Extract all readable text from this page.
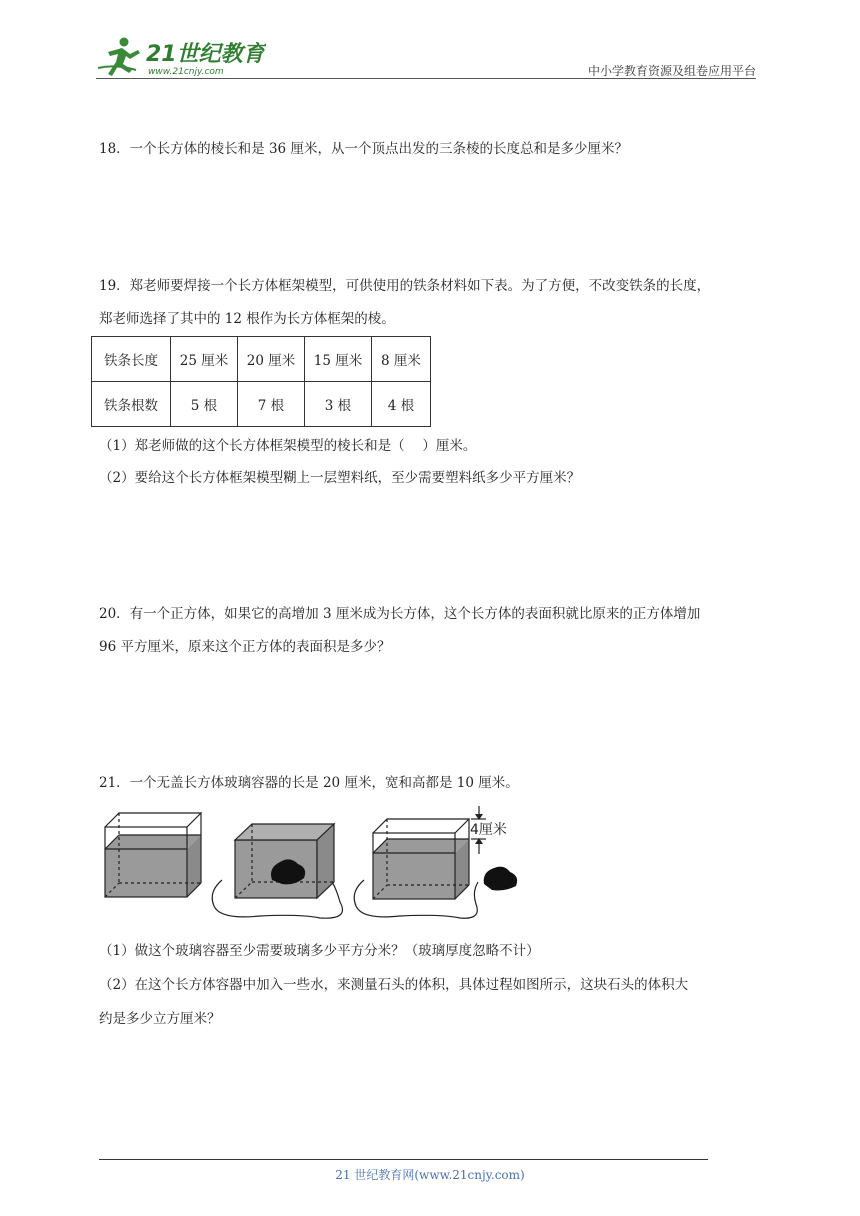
21世纪教育
www.21cnjy.com	中小学教育资源及组卷应用平台
18．一个长方体的棱长和是 36 厘米，从一个顶点出发的三条棱的长度总和是多少厘米？
19．郑老师要焊接一个长方体框架模型，可供使用的铁条材料如下表。为了方便，不改变铁条的长度，
郑老师选择了其中的 12 根作为长方体框架的棱。
铁条长度	25 厘米	20 厘米	15 厘米	8 厘米
铁条根数	5 根	7 根	3 根	4 根
（1）郑老师做的这个长方体框架模型的棱长和是（　 ）厘米。
（2）要给这个长方体框架模型糊上一层塑料纸，至少需要塑料纸多少平方厘米？
20．有一个正方体，如果它的高增加 3 厘米成为长方体，这个长方体的表面积就比原来的正方体增加
96 平方厘米，原来这个正方体的表面积是多少？
21．一个无盖长方体玻璃容器的长是 20 厘米，宽和高都是 10 厘米。
4厘米
（1）做这个玻璃容器至少需要玻璃多少平方分米？（玻璃厚度忽略不计）
（2）在这个长方体容器中加入一些水，来测量石头的体积，具体过程如图所示，这块石头的体积大
约是多少立方厘米？
21 世纪教育网(www.21cnjy.com)
